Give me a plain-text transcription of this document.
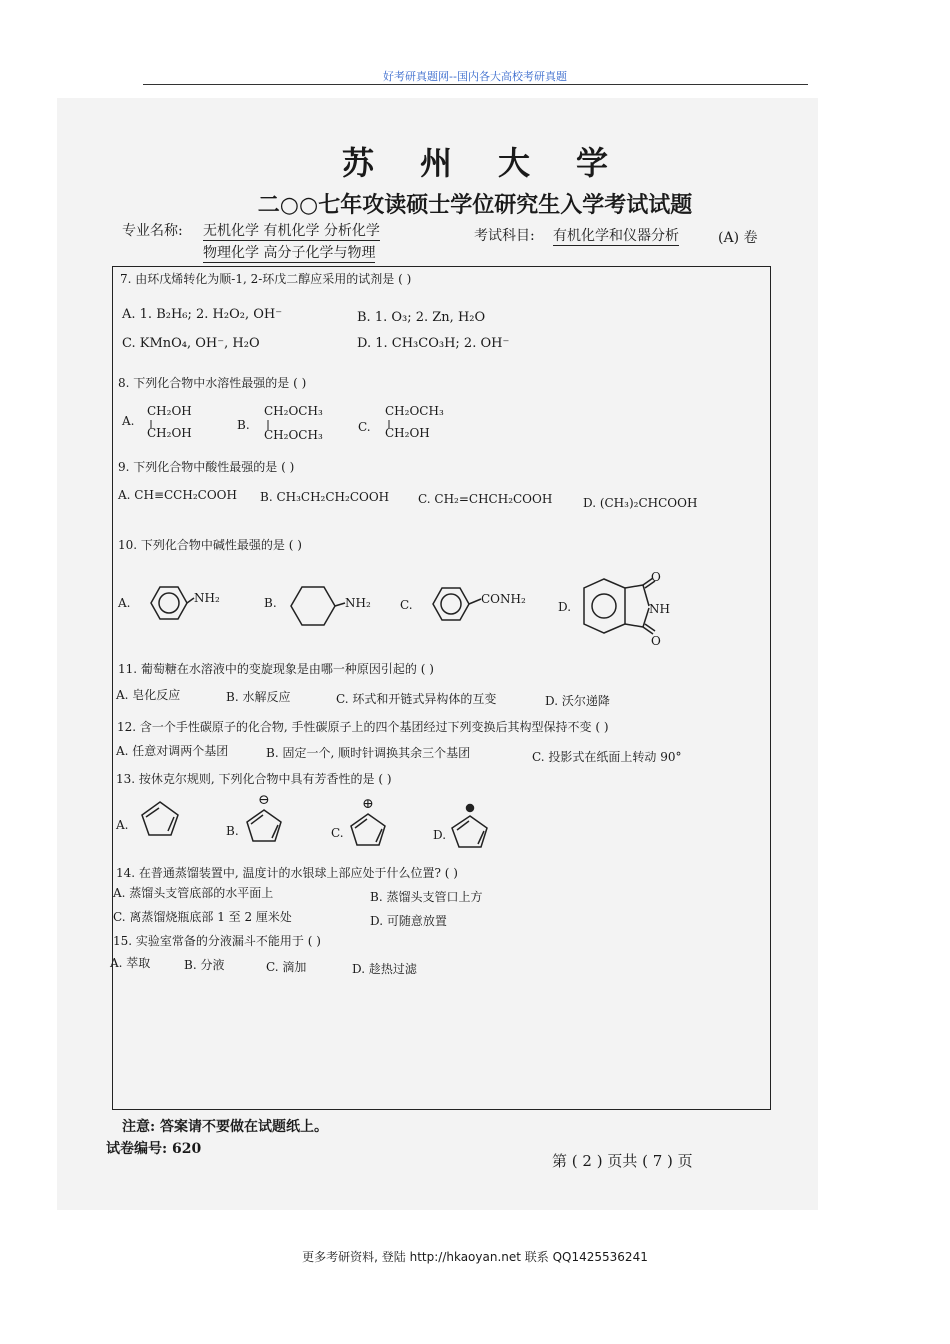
好考研真题网--国内各大高校考研真题
苏州大学
二○○七年攻读硕士学位研究生入学考试试题
专业名称: 无机化学 有机化学 分析化学
物理化学 高分子化学与物理
考试科目: 有机化学和仪器分析	(A) 卷
7. 由环戊烯转化为顺-1, 2-环戊二醇应采用的试剂是 ( )
A. 1. B₂H₆; 2. H₂O₂, OH⁻	B. 1. O₃; 2. Zn, H₂O
C. KMnO₄, OH⁻, H₂O	D. 1. CH₃CO₃H; 2. OH⁻
8. 下列化合物中水溶性最强的是 ( )
A.
CH₂OH
CH₂OH
B.
CH₂OCH₃
CH₂OCH₃
C.
CH₂OCH₃
CH₂OH
9. 下列化合物中酸性最强的是 ( )
A. CH≡CCH₂COOH B. CH₃CH₂CH₂COOH C. CH₂=CHCH₂COOH	D. (CH₃)₂CHCOOH
10. 下列化合物中碱性最强的是 ( )
A.	NH₂	B.	NH₂ C.	CONH₂
D.
O
NH
O
11. 葡萄糖在水溶液中的变旋现象是由哪一种原因引起的 ( )
A. 皂化反应	B. 水解反应	C. 环式和开链式异构体的互变	D. 沃尔递降
12. 含一个手性碳原子的化合物, 手性碳原子上的四个基团经过下列变换后其构型保持不变 ( )
A. 任意对调两个基团	B. 固定一个, 顺时针调换其余三个基团	C. 投影式在纸面上转动 90°
13. 按休克尔规则, 下列化合物中具有芳香性的是 ( )
A.	B.	C.	D.
⊖	⊕
14. 在普通蒸馏装置中, 温度计的水银球上部应处于什么位置? ( )
A. 蒸馏头支管底部的水平面上	B. 蒸馏头支管口上方
C. 离蒸馏烧瓶底部 1 至 2 厘米处	D. 可随意放置
15. 实验室常备的分液漏斗不能用于 ( )
A. 萃取	B. 分液	C. 滴加	D. 趁热过滤
注意: 答案请不要做在试题纸上。
试卷编号: 620
第 ( 2 ) 页共 ( 7 ) 页
更多考研资料, 登陆 http://hkaoyan.net 联系 QQ1425536241
